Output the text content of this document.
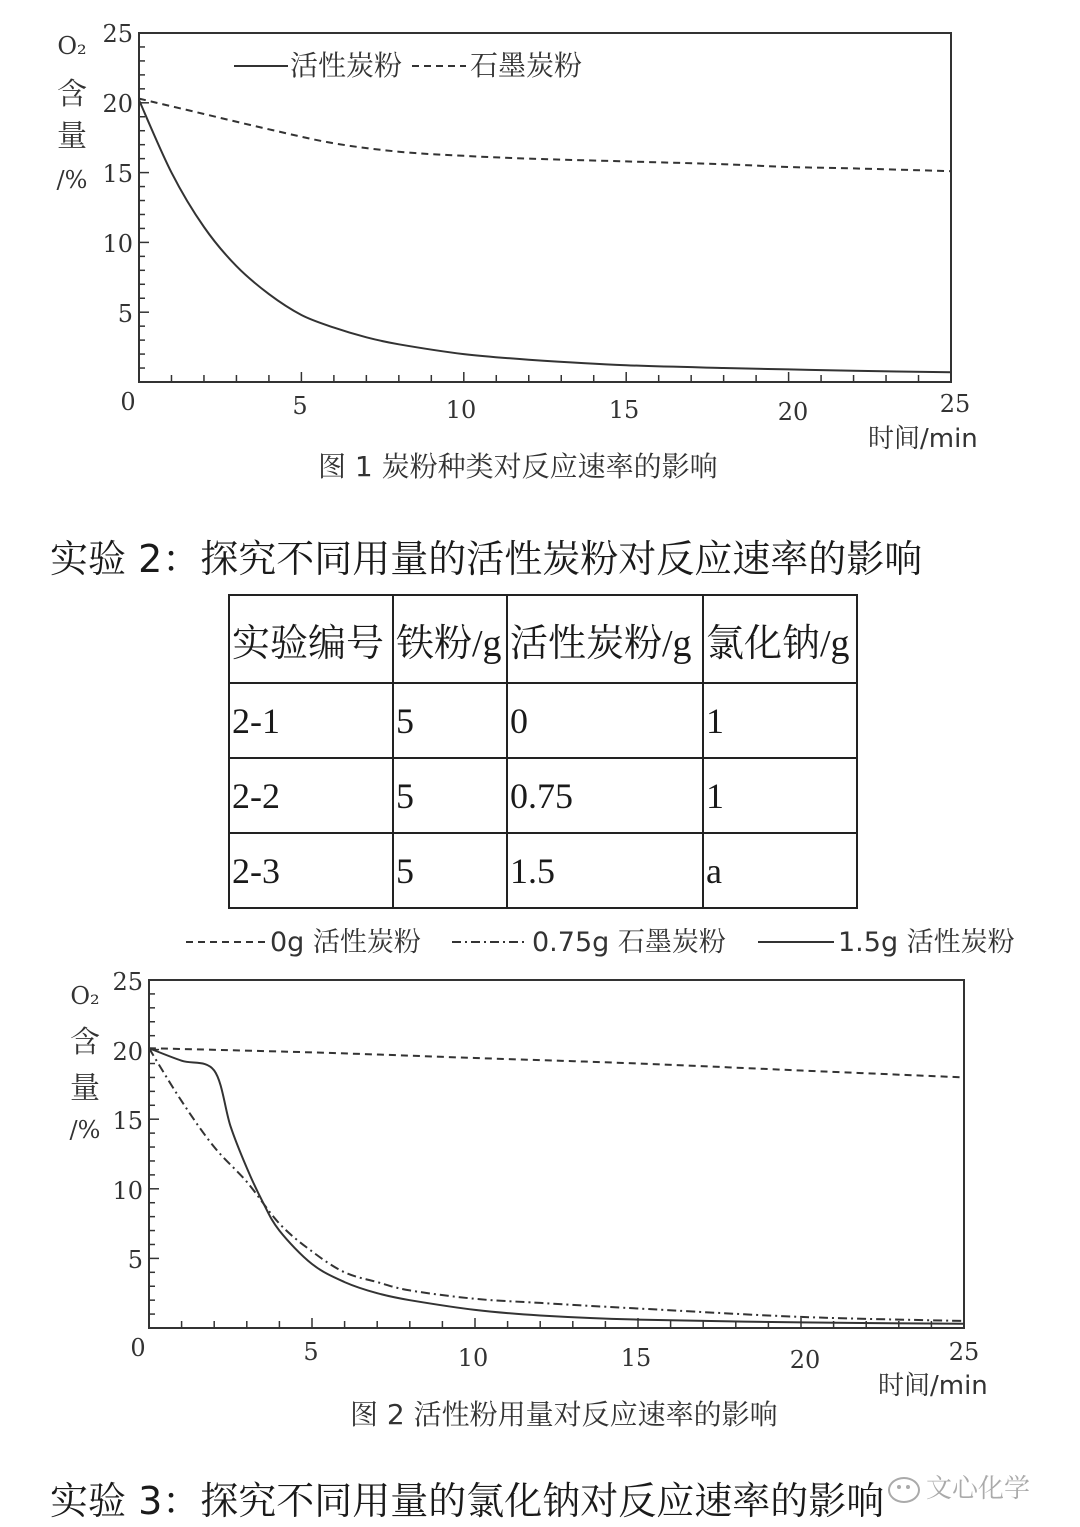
O₂
含
量
/%
5
10
15
20
25
0	5	10	15	20	25
活性炭粉 石墨炭粉
时间/min
图 1 炭粉种类对反应速率的影响
实验 2：探究不同用量的活性炭粉对反应速率的影响
实验编号	铁粉/g	活性炭粉/g	氯化钠/g
2-1	5	0	1
2-2	5	0.75	1
2-3	5	1.5	a
0g 活性炭粉	0.75g 石墨炭粉	1.5g 活性炭粉
O₂
含
量
/%
5
10
15
20
25
0	5	10	15	20	25
时间/min
图 2 活性粉用量对反应速率的影响
实验 3：探究不同用量的氯化钠对反应速率的影响	文心化学
